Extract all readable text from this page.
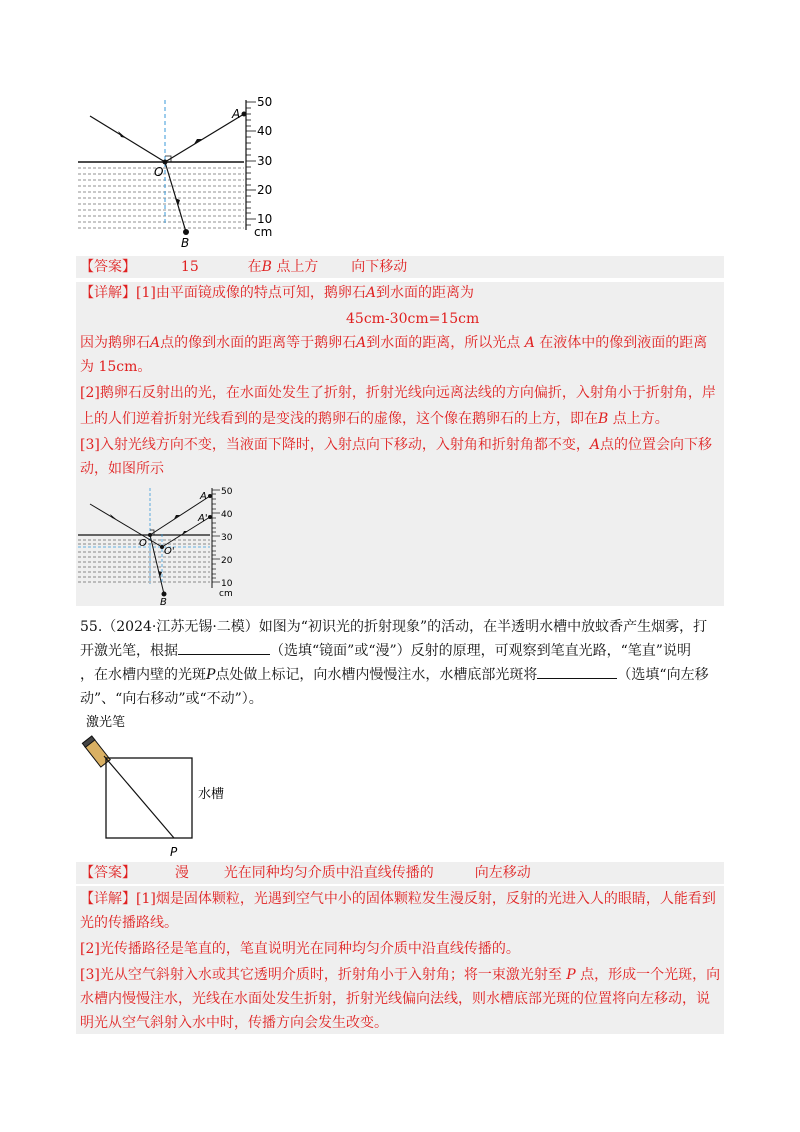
50
40
30
20
10
cm
A
O
B
【答案】	15	在B 点上方 向下移动
【详解】[1]由平面镜成像的特点可知，鹅卵石A到水面的距离为
45cm-30cm=15cm
因为鹅卵石A点的像到水面的距离等于鹅卵石A到水面的距离，所以光点 A 在液体中的像到液面的距离
为 15cm。
[2]鹅卵石反射出的光，在水面处发生了折射，折射光线向远离法线的方向偏折，入射角小于折射角，岸
上的人们逆着折射光线看到的是变浅的鹅卵石的虚像，这个像在鹅卵石的上方，即在B 点上方。
[3]入射光线方向不变，当液面下降时，入射点向下移动，入射角和折射角都不变，A点的位置会向下移
动，如图所示
50
40
30
20
10
cm
A
A'
O
O'
B
55.（2024·江苏无锡·二模）如图为“初识光的折射现象”的活动，在半透明水槽中放蚊香产生烟雾，打
开激光笔，根据	（选填“镜面”或“漫”）反射的原理，可观察到笔直光路，“笔直”说明
，在水槽内壁的光斑P点处做上标记，向水槽内慢慢注水，水槽底部光斑将	（选填“向左移
动”、“向右移动”或“不动”）。
激光笔
水槽
P
【答案】	漫 光在同种均匀介质中沿直线传播的	向左移动
【详解】[1]烟是固体颗粒，光遇到空气中小的固体颗粒发生漫反射，反射的光进入人的眼睛，人能看到
光的传播路线。
[2]光传播路径是笔直的，笔直说明光在同种均匀介质中沿直线传播的。
[3]光从空气斜射入水或其它透明介质时，折射角小于入射角；将一束激光射至 P 点，形成一个光斑，向
水槽内慢慢注水，光线在水面处发生折射，折射光线偏向法线，则水槽底部光斑的位置将向左移动，说
明光从空气斜射入水中时，传播方向会发生改变。
